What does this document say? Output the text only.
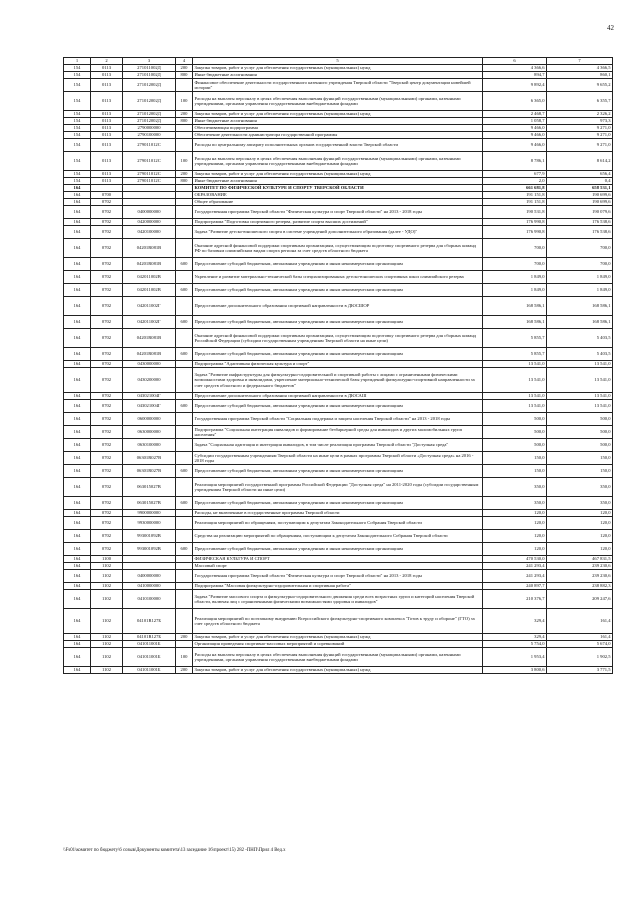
42
1	2	3	4	5	6	7
154	0113	271011002Д	200	Закупка товаров, работ и услуг для обеспечения государственных (муниципальных) нужд	4 366,6	4 366,5
154	0113	271011002Д	800	Иные бюджетные ассигнования	894,7	860,1
154	0113	271012002Д		Финансовое обеспечение деятельности государственного казенного учреждения Тверской области "Тверской центр документации новейшей истории"	9 892,4	9 655,2
154	0113	271012002Д	100	Расходы на выплаты персоналу в целях обеспечения выполнения функций государственными (муниципальными) органами, казенными учреждениями, органами управления государственными внебюджетными фондами	6 365,0	6 355,7
154	0113	271012002Д	200	Закупка товаров, работ и услуг для обеспечения государственных (муниципальных) нужд	2 468,7	2 326,2
154	0113	271012002Д	800	Иные бюджетные ассигнования	1 058,7	973,3
154	0113	2790000000		Обеспечивающая подпрограмма	9 466,0	9 271,0
154	0113	2790100000		Обеспечение деятельности администратора государственной программы	9 466,0	9 271,0
154	0113	279011012С		Расходы по центральному аппарату исполнительных органов государственной власти Тверской области	9 466,0	9 271,0
154	0113	279011012С	100	Расходы на выплаты персоналу в целях обеспечения выполнения функций государственными (муниципальными) органами, казенными учреждениями, органами управления государственными внебюджетными фондами	8 786,1	8 614,2
154	0113	279011012С	200	Закупка товаров, работ и услуг для обеспечения государственных (муниципальных) нужд	677,9	656,4
154	0113	279011012С	800	Иные бюджетные ассигнования	2,0	0,4
164				КОМИТЕТ ПО ФИЗИЧЕСКОЙ КУЛЬТУРЕ И СПОРТУ ТВЕРСКОЙ ОБЛАСТИ	661 681,8	658 531,1
164	0700			ОБРАЗОВАНИЕ	191 151,8	190 699,6
164	0702			Общее образование	191 151,8	190 699,6
164	0702	0400000000		Государственная программа Тверской области "Физическая культура и спорт Тверской области" на 2013 - 2018 годы	190 531,8	190 079,6
164	0702	0420000000		Подпрограмма "Подготовка спортивного резерва, развитие спорта высших достижений"	176 990,8	176 538,6
164	0702	0420100000		Задача "Развитие детско-юношеского спорта в системе учреждений дополнительного образования (далее - УДО)"	176 990,8	176 538,6
164	0702	04201R081В		Оказание адресной финансовой поддержки спортивным организациям, осуществляющим подготовку спортивного резерва для сборных команд РФ по базовым олимпийским видам спорта региона за счет средств областного бюджета	700,0	700,0
164	0702	04201R081В	600	Предоставление субсидий бюджетным, автономным учреждениям и иным некоммерческим организациям	700,0	700,0
164	0702	042011002В		Укрепление и развитие материально-технической базы специализированных детско-юношеских спортивных школ олимпийского резерва	1 849,0	1 849,0
164	0702	042011002В	600	Предоставление субсидий бюджетным, автономным учреждениям и иным некоммерческим организациям	1 849,0	1 849,0
164	0702	042011002Г		Предоставление дополнительного образования спортивной направленности в ДЮСШОР	168 586,1	168 586,1
164	0702	042011002Г	600	Предоставление субсидий бюджетным, автономным учреждениям и иным некоммерческим организациям	168 586,1	168 586,1
164	0702	04201R081В		Оказание адресной финансовой поддержки спортивным организациям, осуществляющим подготовку спортивного резерва для сборных команд Российской Федерации (субсидии государственным учреждениям Тверской области на иные цели)	5 855,7	5 403,5
164	0702	04201R081В	600	Предоставление субсидий бюджетным, автономным учреждениям и иным некоммерческим организациям	5 855,7	5 403,5
164	0702	0430000000		Подпрограмма "Адаптивная физическая культура и спорт"	13 541,0	13 541,0
164	0702	0430200000		Задача "Развитие инфраструктуры для физкультурно-оздоровительной и спортивной работы с лицами с ограниченными физическими возможностями здоровья и инвалидами, укрепление материально-технической базы учреждений физкультурно-спортивной направленности за счет средств областного и федерального бюджетов"	13 541,0	13 541,0
164	0702	043021004Г		Предоставление дополнительного образования спортивной направленности в ДЮСАШ	13 541,0	13 541,0
164	0702	043021004Г	600	Предоставление субсидий бюджетным, автономным учреждениям и иным некоммерческим организациям	13 541,0	13 541,0
164	0702	0600000000		Государственная программа Тверской области "Социальная поддержка и защита населения Тверской области" на 2013 - 2018 годы	500,0	500,0
164	0702	0630000000		Подпрограмма "Социальная интеграция инвалидов и формирование безбарьерной среды для инвалидов и других маломобильных групп населения"	500,0	500,0
164	0702	0630100000		Задача "Социальная адаптация и интеграция инвалидов, в том числе реализация программы Тверской области "Доступная среда"	500,0	500,0
164	0702	06301R027В		Субсидии государственным учреждениям Тверской области на иные цели в рамках программы Тверской области «Доступная среда» на 2016 - 2018 годы	150,0	150,0
164	0702	06301R027В	600	Предоставление субсидий бюджетным, автономным учреждениям и иным некоммерческим организациям	150,0	150,0
164	0702	063015027В		Реализация мероприятий государственной программы Российской Федерации "Доступная среда" на 2011-2020 годы (субсидии государственным учреждениям Тверской области на иные цели)	350,0	350,0
164	0702	063015027В	600	Предоставление субсидий бюджетным, автономным учреждениям и иным некоммерческим организациям	350,0	350,0
164	0702	9900000000		Расходы, не включенные в государственные программы Тверской области	120,0	120,0
164	0702	9930000000		Реализация мероприятий по обращениям, поступающим к депутатам Законодательного Собрания Тверской области	120,0	120,0
164	0702	993001092В		Средства на реализацию мероприятий по обращениям, поступающим к депутатам Законодательного Собрания Тверской области	120,0	120,0
164	0702	993001092В	600	Предоставление субсидий бюджетным, автономным учреждениям и иным некоммерческим организациям	120,0	120,0
164	1100			ФИЗИЧЕСКАЯ КУЛЬТУРА И СПОРТ	470 530,0	467 831,5
164	1102			Массовый спорт	241 293,4	239 230,6
164	1102	0400000000		Государственная программа Тверской области "Физическая культура и спорт Тверской области" на 2013 - 2018 годы	241 293,4	239 230,6
164	1102	0410000000		Подпрограмма "Массовая физкультурно-оздоровительная и спортивная работа"	240 897,7	238 882,3
164	1102	0410100000		Задача "Развитие массового спорта и физкультурно-оздоровительного движения среди всех возрастных групп и категорий населения Тверской области, включая лиц с ограниченными физическими возможностями здоровья и инвалидов"	210 376,7	209 247,6
164	1102	04101R127Б		Реализация мероприятий по поэтапному внедрению Всероссийского физкультурно-спортивного комплекса "Готов к труду и обороне" (ГТО) за счет средств областного бюджета	329,4	161,4
164	1102	04101R127Б	200	Закупка товаров, работ и услуг для обеспечения государственных (муниципальных) нужд	329,4	161,4
164	1102	041011001Б		Организация проведения спортивно-массовых мероприятий и соревнований	5 754,0	5 674,0
164	1102	041011001Б	100	Расходы на выплаты персоналу в целях обеспечения выполнения функций государственными (муниципальными) органами, казенными учреждениями, органами управления государственными внебюджетными фондами	1 953,4	1 902,5
164	1102	041011001Б	200	Закупка товаров, работ и услуг для обеспечения государственных (муниципальных) нужд	3 800,6	3 771,5
\\Fs01\комитет по бюджету\6 созыв\Документы комитета\13 заседание 16\проект\15) 282 -ПНП\Прил 4 Вед.х
